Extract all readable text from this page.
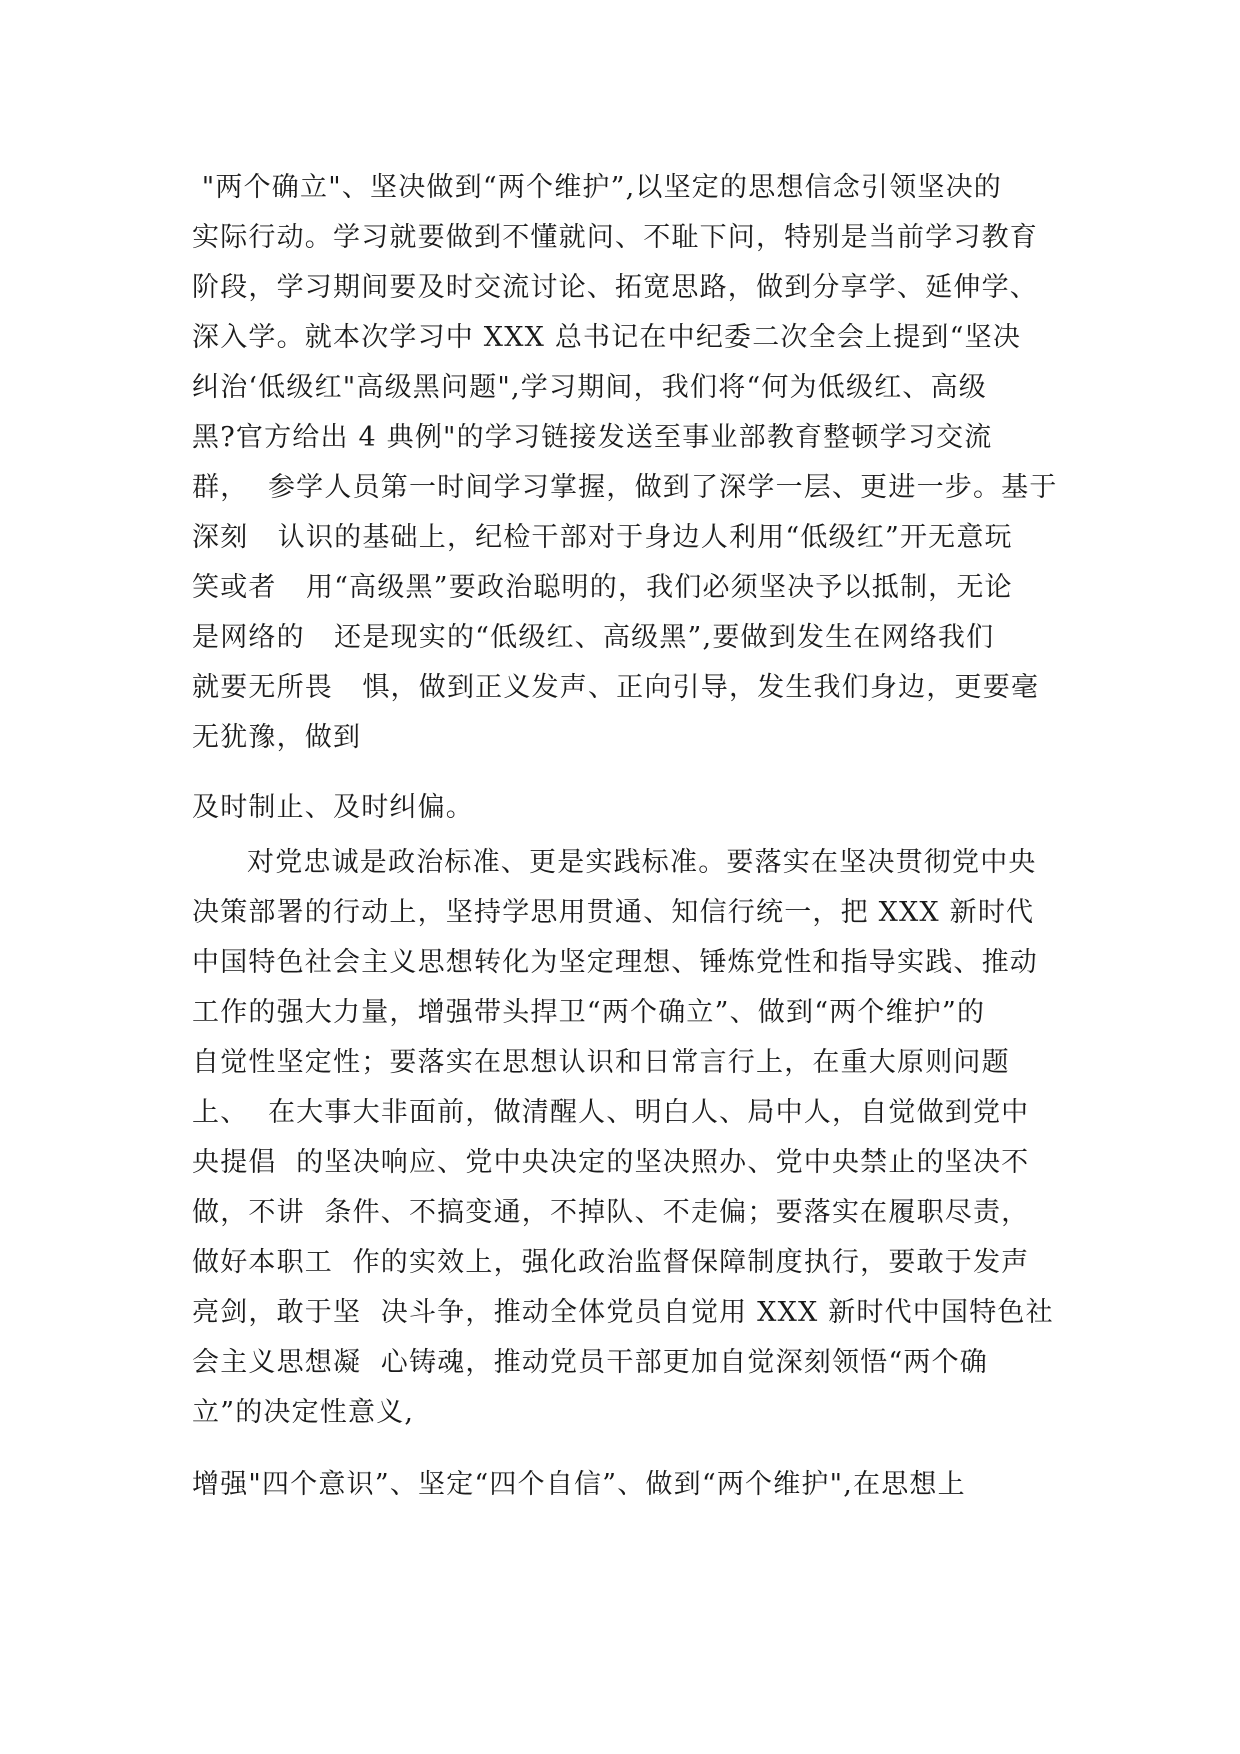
"两个确立"、坚决做到“两个维护”,以坚定的思想信念引领坚决的
实际行动。学习就要做到不懂就问、不耻下问，特别是当前学习教育
阶段，学习期间要及时交流讨论、拓宽思路，做到分享学、延伸学、
深入学。就本次学习中 XXX 总书记在中纪委二次全会上提到“坚决
纠治‘低级红"高级黑问题",学习期间，我们将“何为低级红、高级
黑?官方给出 4 典例"的学习链接发送至事业部教育整顿学习交流
群，  参学人员第一时间学习掌握，做到了深学一层、更进一步。基于
深刻   认识的基础上，纪检干部对于身边人利用“低级红”开无意玩
笑或者   用“高级黑”要政治聪明的，我们必须坚决予以抵制，无论
是网络的   还是现实的“低级红、高级黑”,要做到发生在网络我们
就要无所畏   惧，做到正义发声、正向引导，发生我们身边，更要毫
无犹豫，做到
及时制止、及时纠偏。
对党忠诚是政治标准、更是实践标准。要落实在坚决贯彻党中央
决策部署的行动上，坚持学思用贯通、知信行统一，把 XXX 新时代
中国特色社会主义思想转化为坚定理想、锤炼党性和指导实践、推动
工作的强大力量，增强带头捍卫“两个确立”、做到“两个维护”的
自觉性坚定性；要落实在思想认识和日常言行上，在重大原则问题
上、  在大事大非面前，做清醒人、明白人、局中人，自觉做到党中
央提倡  的坚决响应、党中央决定的坚决照办、党中央禁止的坚决不
做，不讲  条件、不搞变通，不掉队、不走偏；要落实在履职尽责，
做好本职工  作的实效上，强化政治监督保障制度执行，要敢于发声
亮剑，敢于坚  决斗争，推动全体党员自觉用 XXX 新时代中国特色社
会主义思想凝  心铸魂，推动党员干部更加自觉深刻领悟“两个确
立”的决定性意义,
增强"四个意识”、坚定“四个自信”、做到“两个维护",在思想上
